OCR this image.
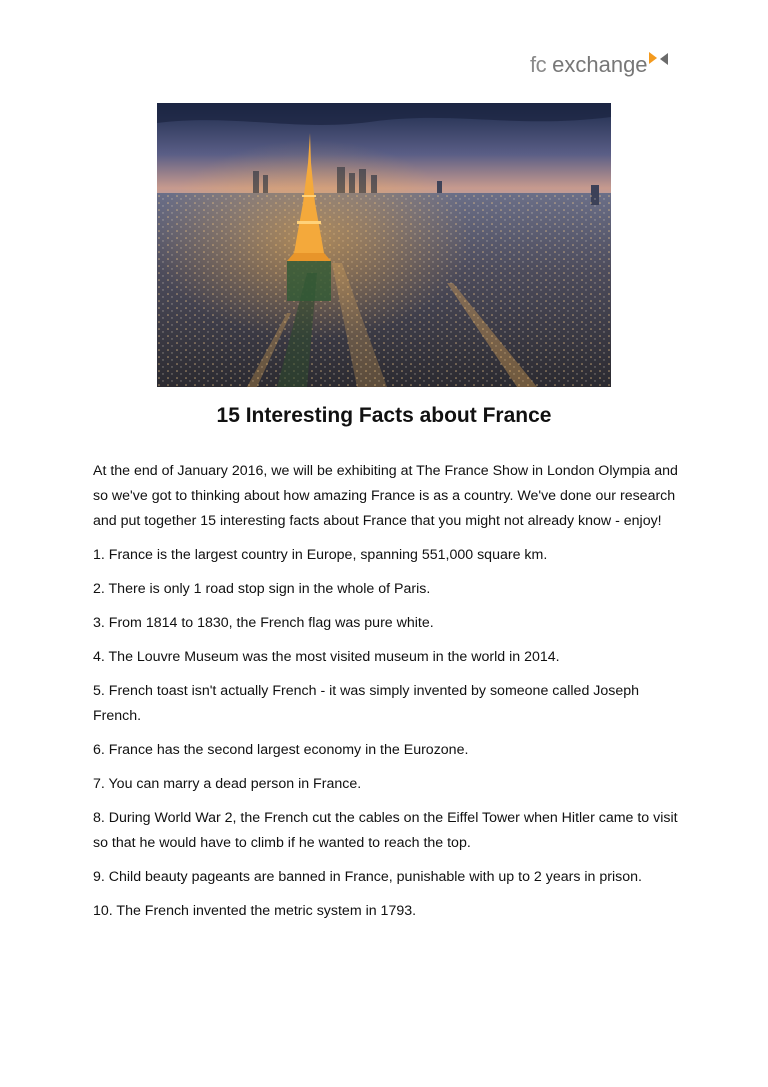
fc exchange
15 Interesting Facts about France

At the end of January 2016, we will be exhibiting at The France Show in London Olympia and so we've got to thinking about how amazing France is as a country. We've done our research and put together 15 interesting facts about France that you might not already know - enjoy!

1. France is the largest country in Europe, spanning 551,000 square km.

2. There is only 1 road stop sign in the whole of Paris.

3. From 1814 to 1830, the French flag was pure white.

4. The Louvre Museum was the most visited museum in the world in 2014.

5. French toast isn't actually French - it was simply invented by someone called Joseph French.

6. France has the second largest economy in the Eurozone.

7. You can marry a dead person in France.

8. During World War 2, the French cut the cables on the Eiffel Tower when Hitler came to visit so that he would have to climb if he wanted to reach the top.

9. Child beauty pageants are banned in France, punishable with up to 2 years in prison.

10. The French invented the metric system in 1793.
